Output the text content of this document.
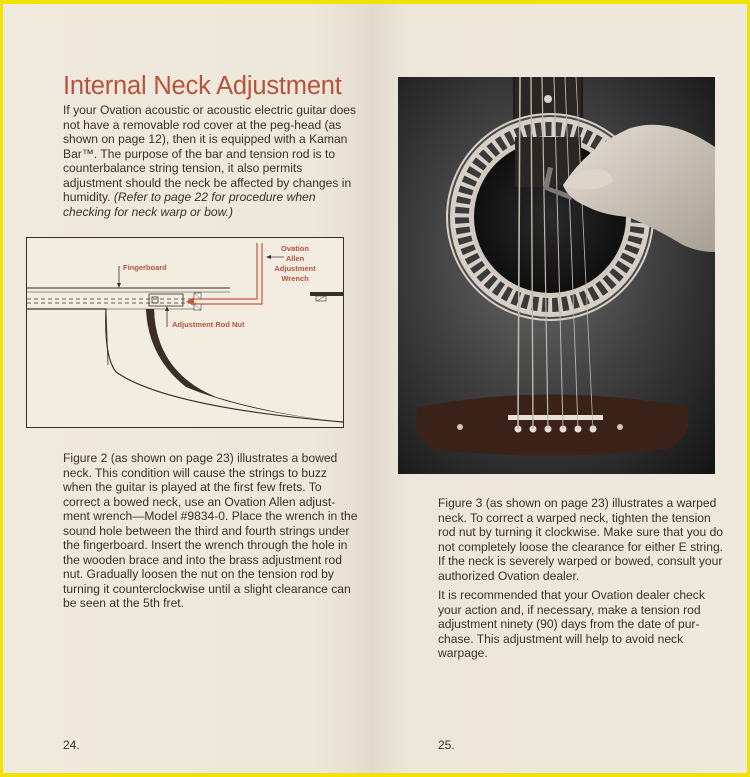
Internal Neck Adjustment

If your Ovation acoustic or acoustic electric guitar does not have a removable rod cover at the peg-head (as shown on page 12), then it is equipped with a Kaman Bar™. The purpose of the bar and tension rod is to counterbalance string tension, it also permits adjustment should the neck be affected by changes in humidity. (Refer to page 22 for procedure when checking for neck warp or bow.)

Fingerboard
Ovation
Allen
Adjustment
Wrench
Adjustment Rod Nut

Figure 2 (as shown on page 23) illustrates a bowed neck. This condition will cause the strings to buzz when the guitar is played at the first few frets. To correct a bowed neck, use an Ovation Allen adjust-ment wrench—Model #9834-0. Place the wrench in the sound hole between the third and fourth strings under the fingerboard. Insert the wrench through the hole in the wooden brace and into the brass adjustment rod nut. Gradually loosen the nut on the tension rod by turning it counterclockwise until a slight clearance can be seen at the 5th fret.

24.

Figure 3 (as shown on page 23) illustrates a warped neck. To correct a warped neck, tighten the tension rod nut by turning it clockwise. Make sure that you do not completely loose the clearance for either E string. If the neck is severely warped or bowed, consult your authorized Ovation dealer.

It is recommended that your Ovation dealer check your action and, if necessary, make a tension rod adjustment ninety (90) days from the date of pur-chase. This adjustment will help to avoid neck warpage.

25.
